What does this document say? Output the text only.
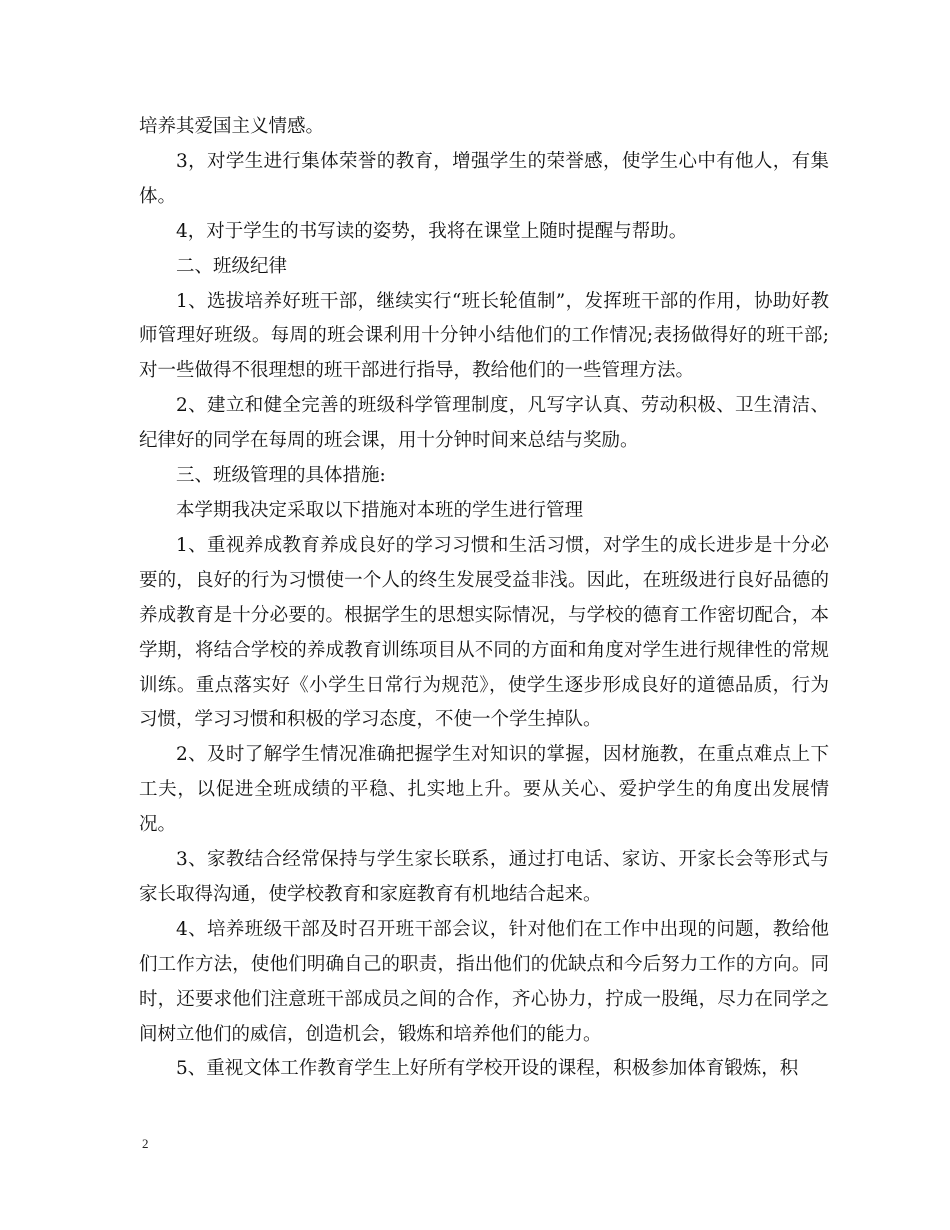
培养其爱国主义情感。

3，对学生进行集体荣誉的教育，增强学生的荣誉感，使学生心中有他人，有集体。

4，对于学生的书写读的姿势，我将在课堂上随时提醒与帮助。

二、班级纪律

1、选拔培养好班干部，继续实行“班长轮值制”，发挥班干部的作用，协助好教师管理好班级。每周的班会课利用十分钟小结他们的工作情况;表扬做得好的班干部;对一些做得不很理想的班干部进行指导，教给他们的一些管理方法。

2、建立和健全完善的班级科学管理制度，凡写字认真、劳动积极、卫生清洁、纪律好的同学在每周的班会课，用十分钟时间来总结与奖励。

三、班级管理的具体措施:

本学期我决定采取以下措施对本班的学生进行管理

1、重视养成教育养成良好的学习习惯和生活习惯，对学生的成长进步是十分必要的，良好的行为习惯使一个人的终生发展受益非浅。因此，在班级进行良好品德的养成教育是十分必要的。根据学生的思想实际情况，与学校的德育工作密切配合，本学期，将结合学校的养成教育训练项目从不同的方面和角度对学生进行规律性的常规训练。重点落实好《小学生日常行为规范》，使学生逐步形成良好的道德品质，行为习惯，学习习惯和积极的学习态度，不使一个学生掉队。

2、及时了解学生情况准确把握学生对知识的掌握，因材施教，在重点难点上下工夫，以促进全班成绩的平稳、扎实地上升。要从关心、爱护学生的角度出发展情况。

3、家教结合经常保持与学生家长联系，通过打电话、家访、开家长会等形式与家长取得沟通，使学校教育和家庭教育有机地结合起来。

4、培养班级干部及时召开班干部会议，针对他们在工作中出现的问题，教给他们工作方法，使他们明确自己的职责，指出他们的优缺点和今后努力工作的方向。同时，还要求他们注意班干部成员之间的合作，齐心协力，拧成一股绳，尽力在同学之间树立他们的威信，创造机会，锻炼和培养他们的能力。

5、重视文体工作教育学生上好所有学校开设的课程，积极参加体育锻炼，积

2
